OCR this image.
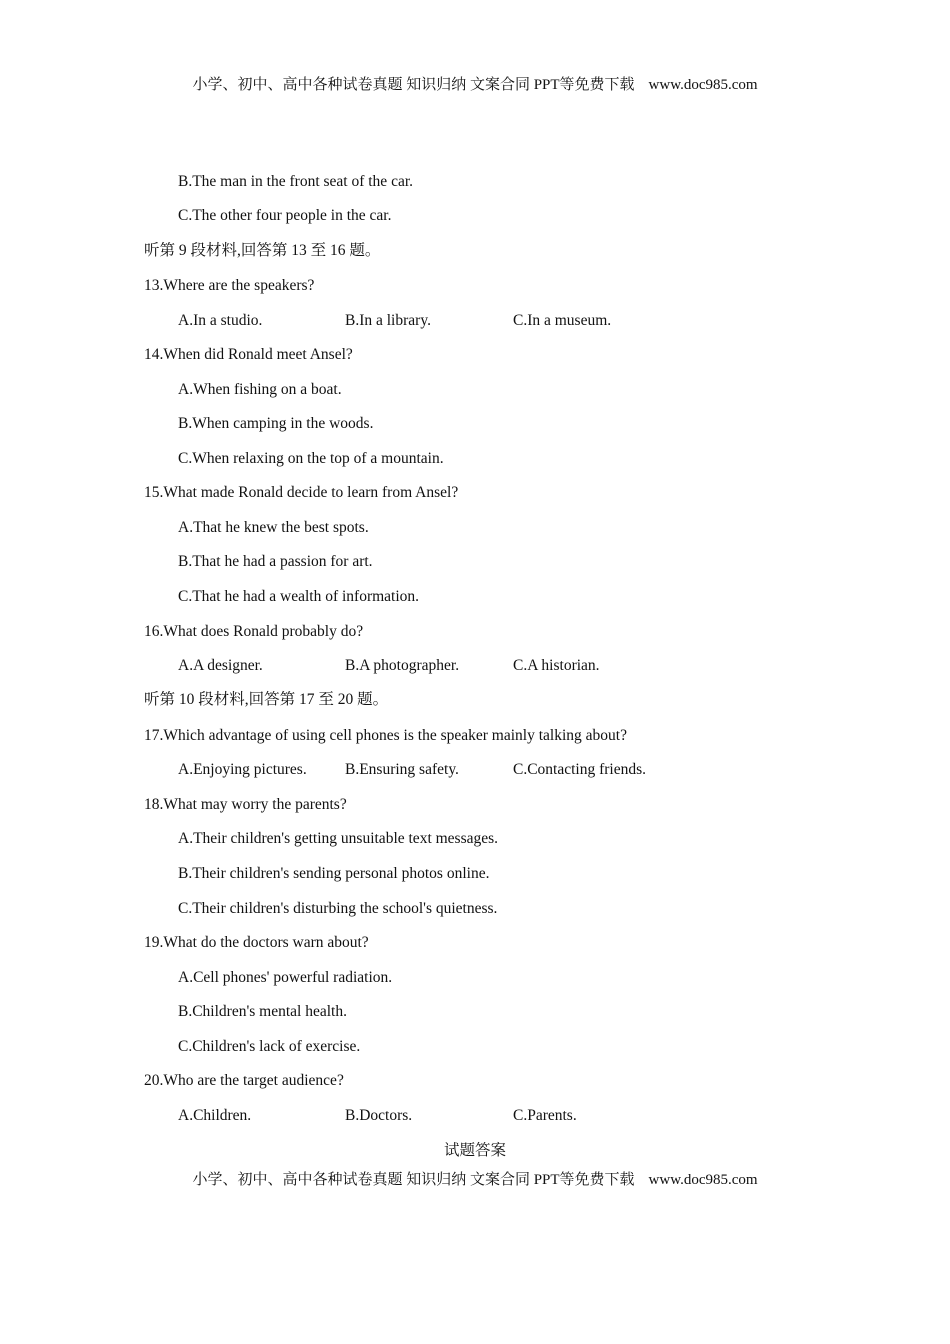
小学、初中、高中各种试卷真题 知识归纳 文案合同 PPT等免费下载 www.doc985.com
B.The man in the front seat of the car.
C.The other four people in the car.
听第 9 段材料,回答第 13 至 16 题。
13.Where are the speakers?
A.In a studio.	B.In a library.	C.In a museum.
14.When did Ronald meet Ansel?
A.When fishing on a boat.
B.When camping in the woods.
C.When relaxing on the top of a mountain.
15.What made Ronald decide to learn from Ansel?
A.That he knew the best spots.
B.That he had a passion for art.
C.That he had a wealth of information.
16.What does Ronald probably do?
A.A designer.	B.A photographer.	C.A historian.
听第 10 段材料,回答第 17 至 20 题。
17.Which advantage of using cell phones is the speaker mainly talking about?
A.Enjoying pictures. B.Ensuring safety.	C.Contacting friends.
18.What may worry the parents?
A.Their children's getting unsuitable text messages.
B.Their children's sending personal photos online.
C.Their children's disturbing the school's quietness.
19.What do the doctors warn about?
A.Cell phones' powerful radiation.
B.Children's mental health.
C.Children's lack of exercise.
20.Who are the target audience?
A.Children.	B.Doctors.	C.Parents.
试题答案
小学、初中、高中各种试卷真题 知识归纳 文案合同 PPT等免费下载 www.doc985.com
